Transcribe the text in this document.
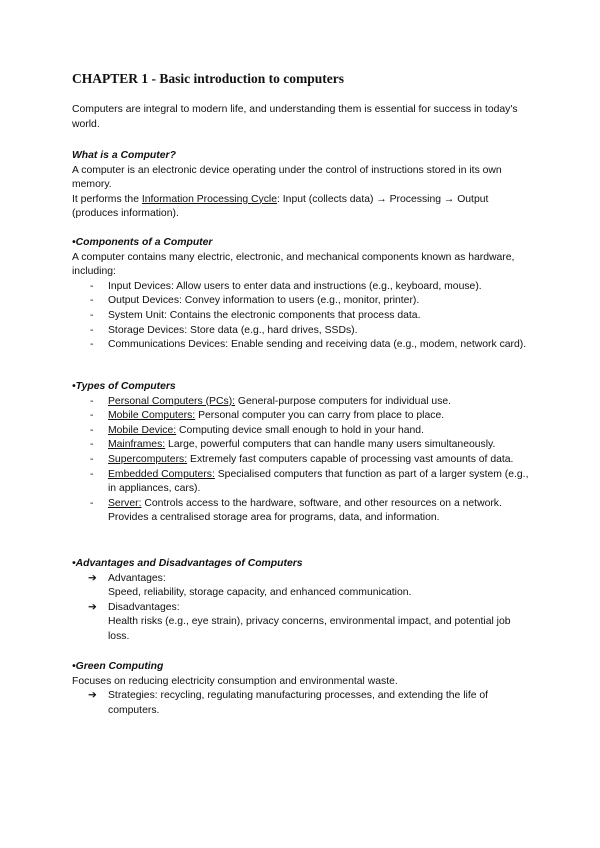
CHAPTER 1 - Basic introduction to computers

Computers are integral to modern life, and understanding them is essential for success in today's world.

What is a Computer?

A computer is an electronic device operating under the control of instructions stored in its own memory.

It performs the Information Processing Cycle: Input (collects data) → Processing → Output (produces information).

•Components of a Computer

A computer contains many electric, electronic, and mechanical components known as hardware, including:

- Input Devices: Allow users to enter data and instructions (e.g., keyboard, mouse).
- Output Devices: Convey information to users (e.g., monitor, printer).
- System Unit: Contains the electronic components that process data.
- Storage Devices: Store data (e.g., hard drives, SSDs).
- Communications Devices: Enable sending and receiving data (e.g., modem, network card).

•Types of Computers

- Personal Computers (PCs): General-purpose computers for individual use.
- Mobile Computers: Personal computer you can carry from place to place.
- Mobile Device: Computing device small enough to hold in your hand.
- Mainframes: Large, powerful computers that can handle many users simultaneously.
- Supercomputers: Extremely fast computers capable of processing vast amounts of data.
- Embedded Computers: Specialised computers that function as part of a larger system (e.g., in appliances, cars).
- Server: Controls access to the hardware, software, and other resources on a network. Provides a centralised storage area for programs, data, and information.

•Advantages and Disadvantages of Computers

➔ Advantages:
Speed, reliability, storage capacity, and enhanced communication.
➔ Disadvantages:
Health risks (e.g., eye strain), privacy concerns, environmental impact, and potential job loss.

•Green Computing

Focuses on reducing electricity consumption and environmental waste.

➔ Strategies: recycling, regulating manufacturing processes, and extending the life of computers.
